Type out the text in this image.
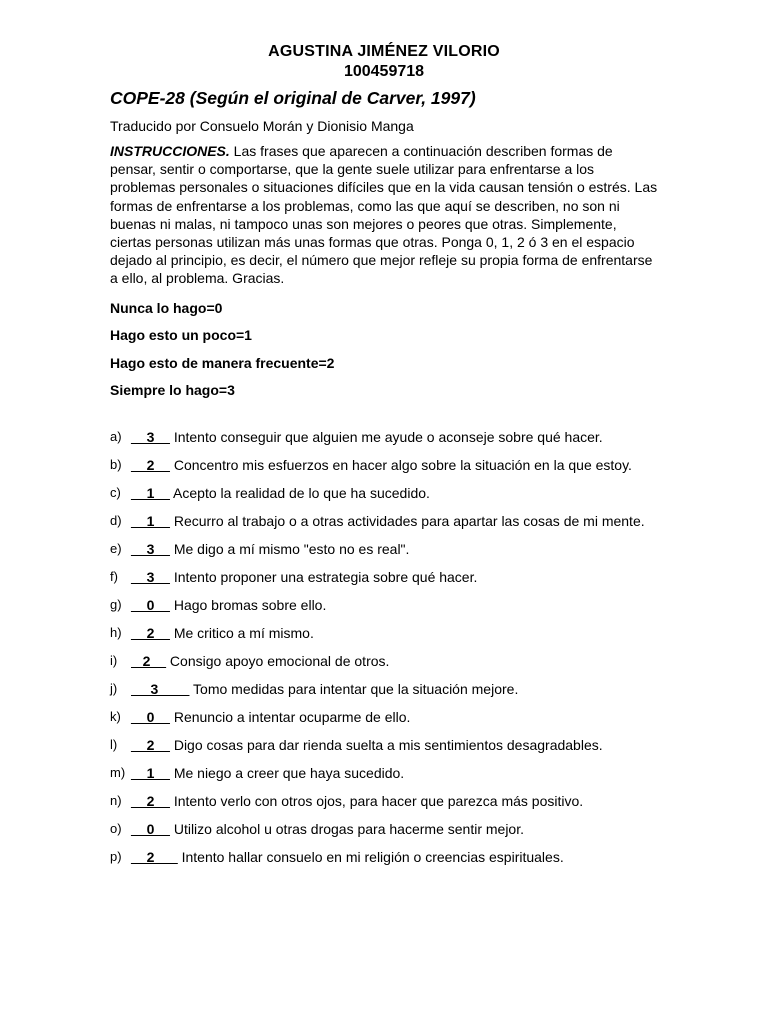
AGUSTINA JIMÉNEZ VILORIO
100459718
COPE-28 (Según el original de Carver, 1997)
Traducido por Consuelo Morán y Dionisio Manga
INSTRUCCIONES. Las frases que aparecen a continuación describen formas de pensar, sentir o comportarse, que la gente suele utilizar para enfrentarse a los problemas personales o situaciones difíciles que en la vida causan tensión o estrés. Las formas de enfrentarse a los problemas, como las que aquí se describen, no son ni buenas ni malas, ni tampoco unas son mejores o peores que otras. Simplemente, ciertas personas utilizan más unas formas que otras. Ponga 0, 1, 2 ó 3 en el espacio dejado al principio, es decir, el número que mejor refleje su propia forma de enfrentarse a ello, al problema. Gracias.
Nunca lo hago=0
Hago esto un poco=1
Hago esto de manera frecuente=2
Siempre lo hago=3
a) __3__ Intento conseguir que alguien me ayude o aconseje sobre qué hacer.
b) __2__ Concentro mis esfuerzos en hacer algo sobre la situación en la que estoy.
c) __1__ Acepto la realidad de lo que ha sucedido.
d) __1__ Recurro al trabajo o a otras actividades para apartar las cosas de mi mente.
e) __3__ Me digo a mí mismo "esto no es real".
f) __3__ Intento proponer una estrategia sobre qué hacer.
g) __0__ Hago bromas sobre ello.
h) __2__ Me critico a mí mismo.
i) _2__ Consigo apoyo emocional de otros.
j) __3____ Tomo medidas para intentar que la situación mejore.
k) __0__ Renuncio a intentar ocuparme de ello.
l) __2__ Digo cosas para dar rienda suelta a mis sentimientos desagradables.
m) __1__ Me niego a creer que haya sucedido.
n) __2__ Intento verlo con otros ojos, para hacer que parezca más positivo.
o) __0__ Utilizo alcohol u otras drogas para hacerme sentir mejor.
p) __2___ Intento hallar consuelo en mi religión o creencias espirituales.
